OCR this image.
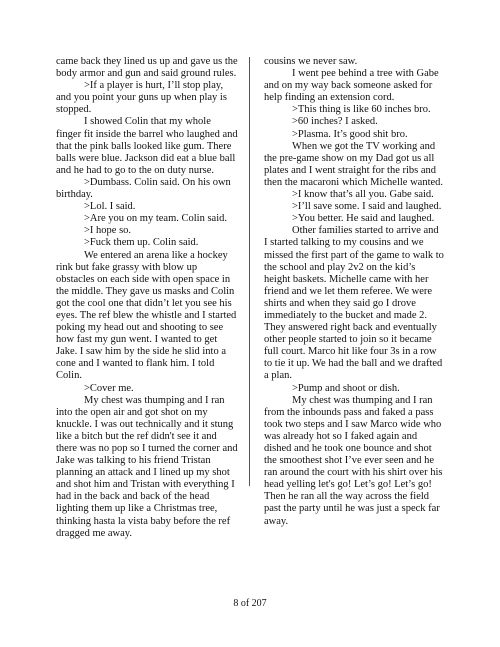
came back they lined us up and gave us the body armor and gun and said ground rules.

>If a player is hurt, I’ll stop play, and you point your guns up when play is stopped.

I showed Colin that my whole finger fit inside the barrel who laughed and that the pink balls looked like gum. There balls were blue. Jackson did eat a blue ball and he had to go to the on duty nurse.

>Dumbass. Colin said. On his own birthday.

>Lol. I said.

>Are you on my team. Colin said.

>I hope so.

>Fuck them up. Colin said.

We entered an arena like a hockey rink but fake grassy with blow up obstacles on each side with open space in the middle. They gave us masks and Colin got the cool one that didn’t let you see his eyes. The ref blew the whistle and I started poking my head out and shooting to see how fast my gun went. I wanted to get Jake. I saw him by the side he slid into a cone and I wanted to flank him. I told Colin.

>Cover me.

My chest was thumping and I ran into the open air and got shot on my knuckle. I was out technically and it stung like a bitch but the ref didn't see it and there was no pop so I turned the corner and Jake was talking to his friend Tristan planning an attack and I lined up my shot and shot him and Tristan with everything I had in the back and back of the head lighting them up like a Christmas tree, thinking hasta la vista baby before the ref dragged me away.

cousins we never saw.

I went pee behind a tree with Gabe and on my way back someone asked for help finding an extension cord.

>This thing is like 60 inches bro.

>60 inches? I asked.

>Plasma. It’s good shit bro.

When we got the TV working and the pre-game show on my Dad got us all plates and I went straight for the ribs and then the macaroni which Michelle wanted.

>I know that’s all you. Gabe said.

>I’ll save some. I said and laughed.

>You better. He said and laughed.

Other families started to arrive and I started talking to my cousins and we missed the first part of the game to walk to the school and play 2v2 on the kid’s height baskets. Michelle came with her friend and we let them referee. We were shirts and when they said go I drove immediately to the bucket and made 2. They answered right back and eventually other people started to join so it became full court. Marco hit like four 3s in a row to tie it up. We had the ball and we drafted a plan.

>Pump and shoot or dish.

My chest was thumping and I ran from the inbounds pass and faked a pass took two steps and I saw Marco wide who was already hot so I faked again and dished and he took one bounce and shot the smoothest shot I’ve ever seen and he ran around the court with his shirt over his head yelling let's go! Let’s go! Let’s go! Then he ran all the way across the field past the party until he was just a speck far away.

8 of 207
